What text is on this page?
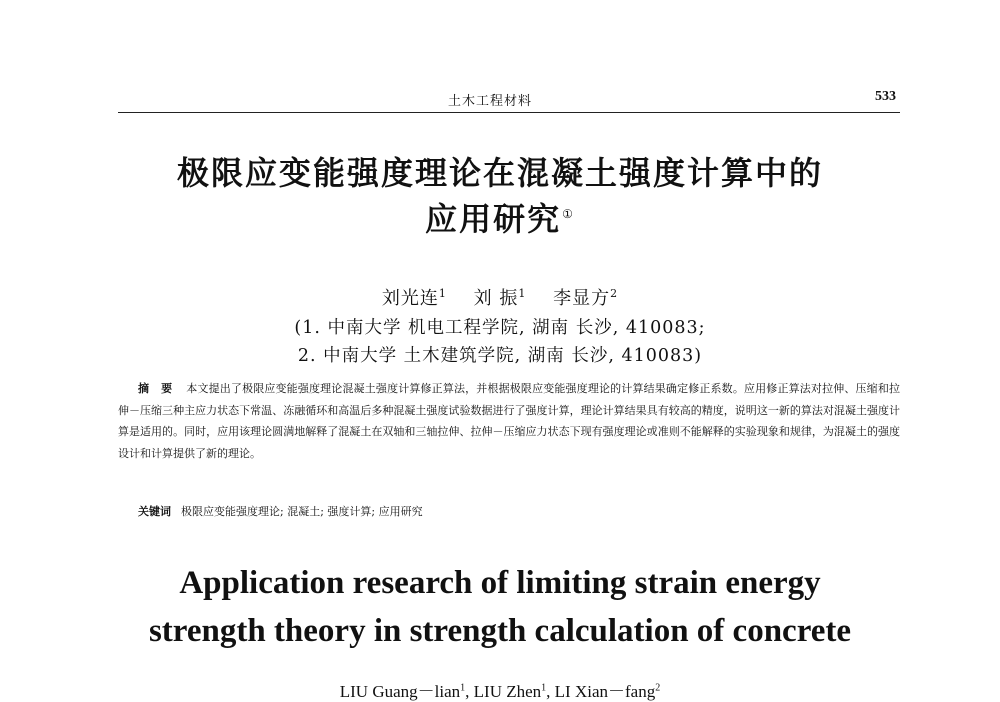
土木工程材料	533
极限应变能强度理论在混凝土强度计算中的
应用研究①
刘光连$^1$ 刘 振$^1$ 李显方$^2$
(1. 中南大学 机电工程学院, 湖南 长沙, 410083;
2. 中南大学 土木建筑学院, 湖南 长沙, 410083)
摘 要 本文提出了极限应变能强度理论混凝土强度计算修正算法，并根据极限应变能强度理论的计算结果确定修正系数。应用修正算法对拉伸、压缩和拉伸－压缩三种主应力状态下常温、冻融循环和高温后多种混凝土强度试验数据进行了强度计算，理论计算结果具有较高的精度，说明这一新的算法对混凝土强度计算是适用的。同时，应用该理论圆满地解释了混凝土在双轴和三轴拉伸、拉伸－压缩应力状态下现有强度理论或准则不能解释的实验现象和规律，为混凝土的强度设计和计算提供了新的理论。
关键词 极限应变能强度理论; 混凝土; 强度计算; 应用研究
Application research of limiting strain energy
strength theory in strength calculation of concrete
LIU Guang－lian$^1$, LIU Zhen$^1$, LI Xian－fang$^2$
